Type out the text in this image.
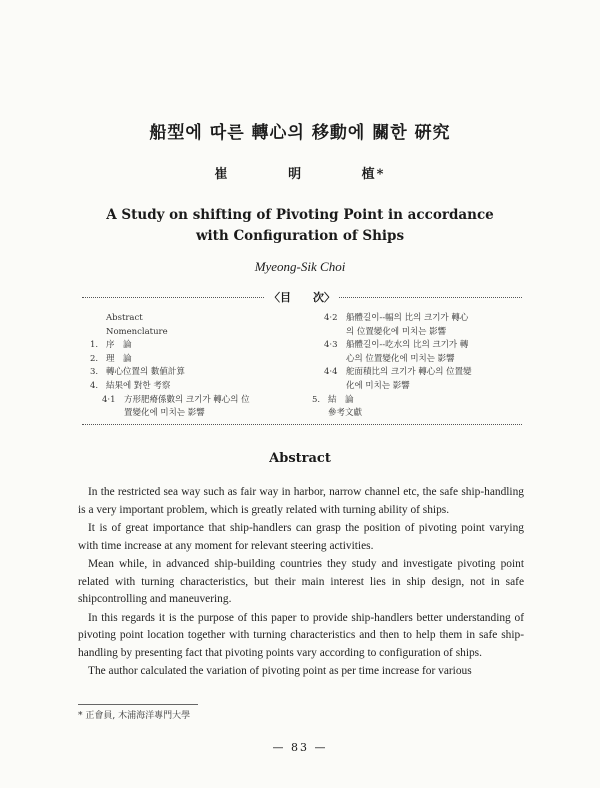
船型에 따른 轉心의 移動에 關한 硏究
崔	明	植*
A Study on shifting of Pivoting Point in accordance
with Configuration of Ships
Myeong-Sik Choi
〈目　　次〉
Abstract
Nomenclature
1. 序　論
2. 理　論
3. 轉心位置의 數値計算
4. 結果에 對한 考察
4·1 方形肥瘠係數의 크기가 轉心의 位
置變化에 미치는 影響
4·2 船體길이--幅의 比의 크기가 轉心
의 位置變化에 미치는 影響
4·3 船體길이--吃水의 比의 크기가 轉
心의 位置變化에 미치는 影響
4·4 舵面積比의 크기가 轉心의 位置變
化에 미치는 影響
5. 結　論
參考文獻
Abstract

In the restricted sea way such as fair way in harbor, narrow channel etc, the safe ship-handling is a very important problem, which is greatly related with turning ability of ships.

It is of great importance that ship-handlers can grasp the position of pivoting point varying with time increase at any moment for relevant steering activities.

Mean while, in advanced ship-building countries they study and investigate pivoting point related with turning characteristics, but their main interest lies in ship design, not in safe shipcontrolling and maneuvering.

In this regards it is the purpose of this paper to provide ship-handlers better understanding of pivoting point location together with turning characteristics and then to help them in safe ship-handling by presenting fact that pivoting points vary according to configuration of ships.

The author calculated the variation of pivoting point as per time increase for various

* 正會員, 木浦海洋專門大學
— 83 —
